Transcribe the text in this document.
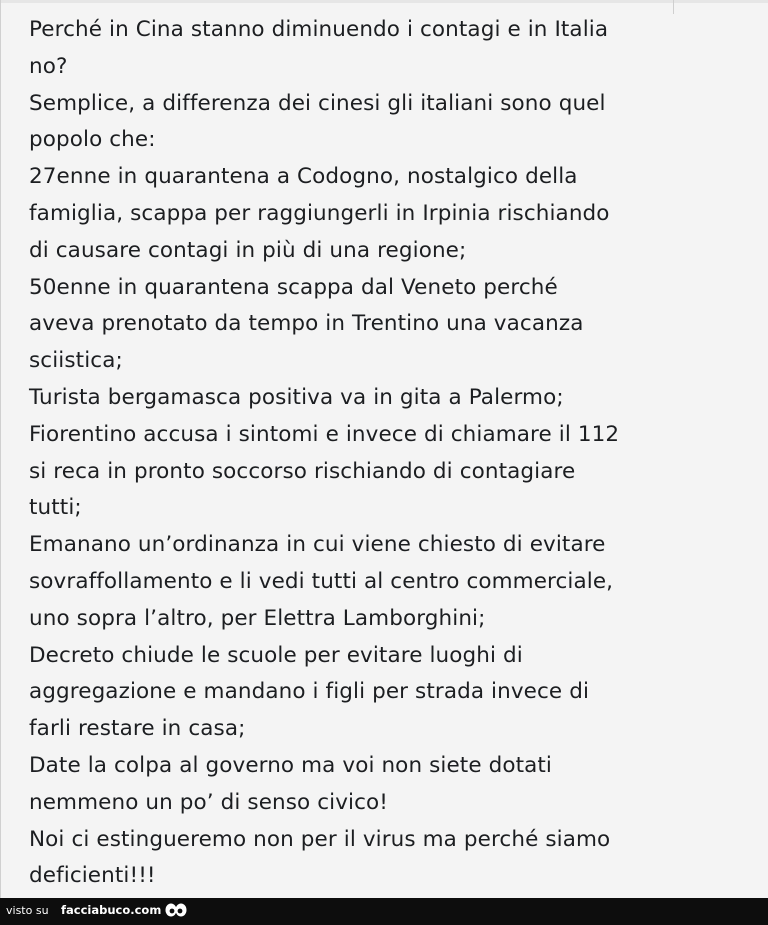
Perché in Cina stanno diminuendo i contagi e in Italia
no?
Semplice, a differenza dei cinesi gli italiani sono quel
popolo che:
27enne in quarantena a Codogno, nostalgico della
famiglia, scappa per raggiungerli in Irpinia rischiando
di causare contagi in più di una regione;
50enne in quarantena scappa dal Veneto perché
aveva prenotato da tempo in Trentino una vacanza
sciistica;
Turista bergamasca positiva va in gita a Palermo;
Fiorentino accusa i sintomi e invece di chiamare il 112
si reca in pronto soccorso rischiando di contagiare
tutti;
Emanano un’ordinanza in cui viene chiesto di evitare
sovraffollamento e li vedi tutti al centro commerciale,
uno sopra l’altro, per Elettra Lamborghini;
Decreto chiude le scuole per evitare luoghi di
aggregazione e mandano i figli per strada invece di
farli restare in casa;
Date la colpa al governo ma voi non siete dotati
nemmeno un po’ di senso civico!
Noi ci estingueremo non per il virus ma perché siamo
deficienti!!!

visto su facciabuco.com
